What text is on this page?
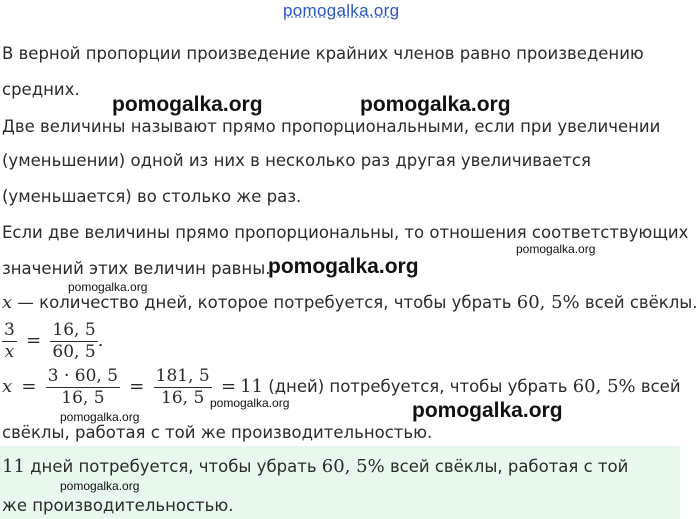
pomogalka.org
В верной пропорции произведение крайних членов равно произведению
средних.
Две величины называют прямо пропорциональными, если при увеличении
(уменьшении) одной из них в несколько раз другая увеличивается
(уменьшается) во столько же раз.
Если две величины прямо пропорциональны, то отношения соответствующих
значений этих величин равны.
x — количество дней, которое потребуется, чтобы убрать 60, 5% всей свёклы.
$\frac{3}{x} = \frac{16, 5}{60, 5}$ .
$x = \frac{3 \cdot 60, 5}{16, 5} = \frac{181, 5}{16, 5} = 11$ (дней) потребуется, чтобы убрать 60, 5% всей
свёклы, работая с той же производительностью.
11 дней потребуется, чтобы убрать 60, 5% всей свёклы, работая с той
же производительностью.
pomogalka.org	pomogalka.org
pomogalka.org
pomogalka.org
pomogalka.org
pomogalka.org	pomogalka.org
pomogalka.org
pomogalka.org
